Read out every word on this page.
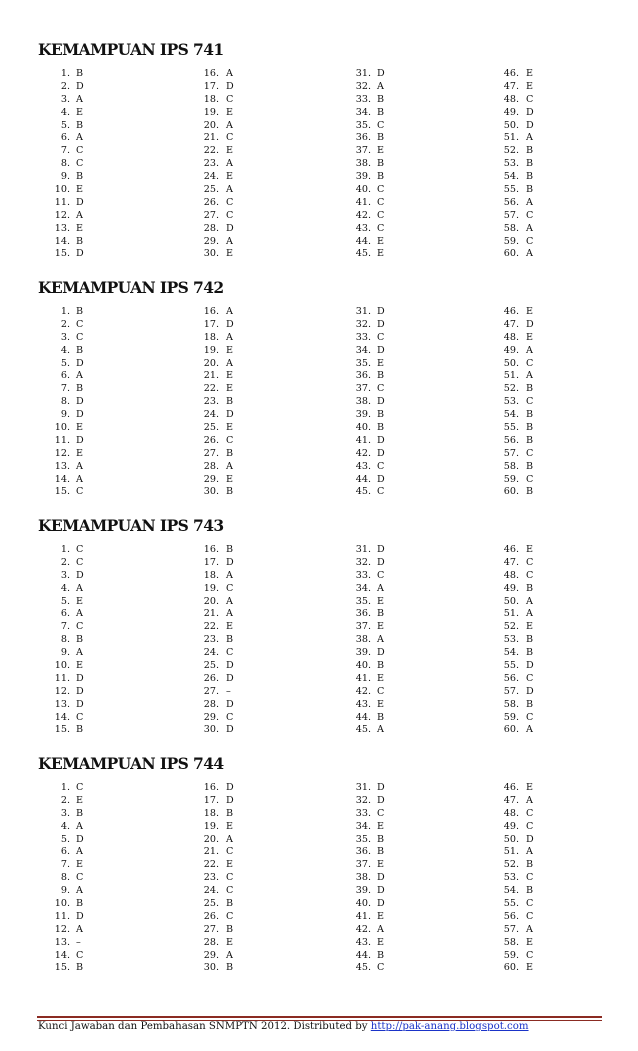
KEMAMPUAN IPS 741
1. B
2. D
3. A
4. E
5. B
6. A
7. C
8. C
9. B
10. E
11. D
12. A
13. E
14. B
15. D
16. A
17. D
18. C
19. E
20. A
21. C
22. E
23. A
24. E
25. A
26. C
27. C
28. D
29. A
30. E
31. D
32. A
33. B
34. B
35. C
36. B
37. E
38. B
39. B
40. C
41. C
42. C
43. C
44. E
45. E
46. E
47. E
48. C
49. D
50. D
51. A
52. B
53. B
54. B
55. B
56. A
57. C
58. A
59. C
60. A
KEMAMPUAN IPS 742
1. B
2. C
3. C
4. B
5. D
6. A
7. B
8. D
9. D
10. E
11. D
12. E
13. A
14. A
15. C
16. A
17. D
18. A
19. E
20. A
21. E
22. E
23. B
24. D
25. E
26. C
27. B
28. A
29. E
30. B
31. D
32. D
33. C
34. D
35. E
36. B
37. C
38. D
39. B
40. B
41. D
42. D
43. C
44. D
45. C
46. E
47. D
48. E
49. A
50. C
51. A
52. B
53. C
54. B
55. B
56. B
57. C
58. B
59. C
60. B
KEMAMPUAN IPS 743
1. C
2. C
3. D
4. A
5. E
6. A
7. C
8. B
9. A
10. E
11. D
12. D
13. D
14. C
15. B
16. B
17. D
18. A
19. C
20. A
21. A
22. E
23. B
24. C
25. D
26. D
27. –
28. D
29. C
30. D
31. D
32. D
33. C
34. A
35. E
36. B
37. E
38. A
39. D
40. B
41. E
42. C
43. E
44. B
45. A
46. E
47. C
48. C
49. B
50. A
51. A
52. E
53. B
54. B
55. D
56. C
57. D
58. B
59. C
60. A
KEMAMPUAN IPS 744
1. C
2. E
3. B
4. A
5. D
6. A
7. E
8. C
9. A
10. B
11. D
12. A
13. –
14. C
15. B
16. D
17. D
18. B
19. E
20. A
21. C
22. E
23. C
24. C
25. B
26. C
27. B
28. E
29. A
30. B
31. D
32. D
33. C
34. E
35. B
36. B
37. E
38. D
39. D
40. D
41. E
42. A
43. E
44. B
45. C
46. E
47. A
48. C
49. C
50. D
51. A
52. B
53. C
54. B
55. C
56. C
57. A
58. E
59. C
60. E
Kunci Jawaban dan Pembahasan SNMPTN 2012. Distributed by http://pak-anang.blogspot.com
